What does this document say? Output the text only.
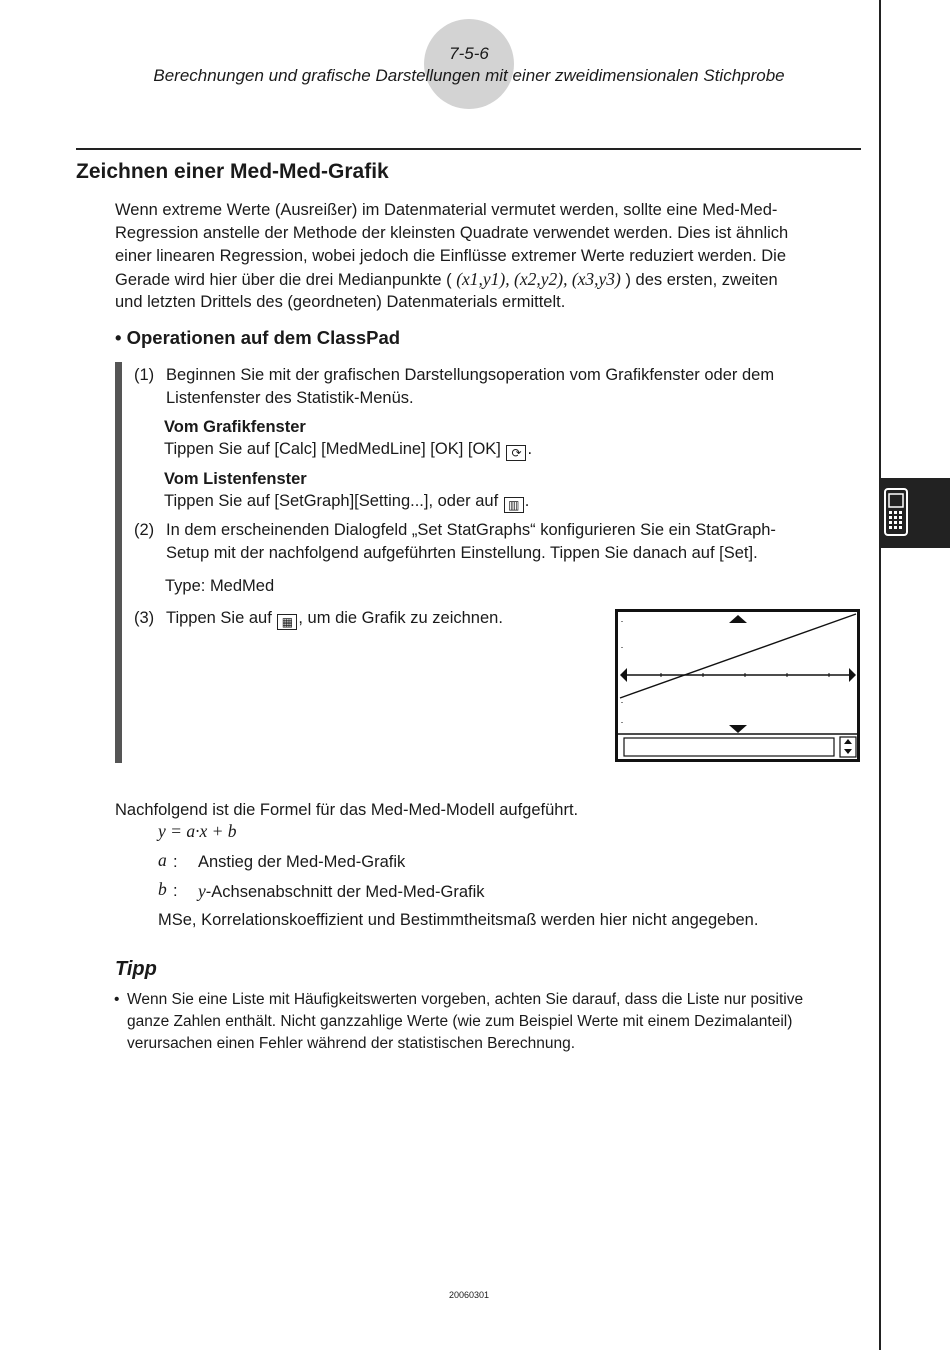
7-5-6
Berechnungen und grafische Darstellungen mit einer zweidimensionalen Stichprobe
Zeichnen einer Med-Med-Grafik
Wenn extreme Werte (Ausreißer) im Datenmaterial vermutet werden, sollte eine Med-Med-
Regression anstelle der Methode der kleinsten Quadrate verwendet werden. Dies ist ähnlich
einer linearen Regression, wobei jedoch die Einflüsse extremer Werte reduziert werden. Die
Gerade wird hier über die drei Medianpunkte ( (x1,y1), (x2,y2), (x3,y3) ) des ersten, zweiten
und letzten Drittels des (geordneten) Datenmaterials ermittelt.
• Operationen auf dem ClassPad
(1) Beginnen Sie mit der grafischen Darstellungsoperation vom Grafikfenster oder dem
Listenfenster des Statistik-Menüs.
Vom Grafikfenster
Tippen Sie auf [Calc] [MedMedLine] [OK] [OK] ⟳ .
Vom Listenfenster
Tippen Sie auf [SetGraph][Setting...], oder auf ▥ .
(2) In dem erscheinenden Dialogfeld „Set StatGraphs“ konfigurieren Sie ein StatGraph-
Setup mit der nachfolgend aufgeführten Einstellung. Tippen Sie danach auf [Set].
Type: MedMed
(3) Tippen Sie auf ▦ , um die Grafik zu zeichnen.
Nachfolgend ist die Formel für das Med-Med-Modell aufgeführt.
y = a·x + b
a : Anstieg der Med-Med-Grafik
b : y-Achsenabschnitt der Med-Med-Grafik
MSe, Korrelationskoeffizient und Bestimmtheitsmaß werden hier nicht angegeben.
Tipp
• Wenn Sie eine Liste mit Häufigkeitswerten vorgeben, achten Sie darauf, dass die Liste nur positive
ganze Zahlen enthält. Nicht ganzzahlige Werte (wie zum Beispiel Werte mit einem Dezimalanteil)
verursachen einen Fehler während der statistischen Berechnung.
20060301
